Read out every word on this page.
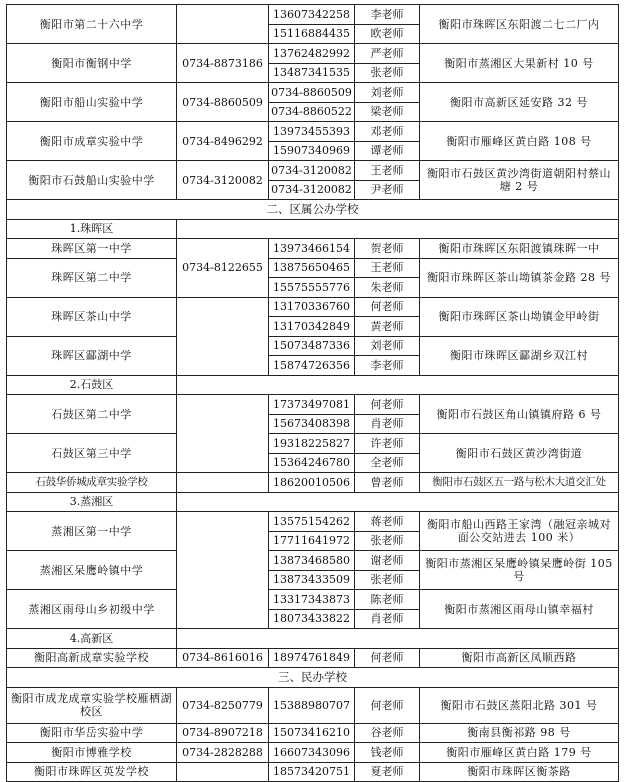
衡阳市第二十六中学		13607342258	李老师	衡阳市珠晖区东阳渡二七二厂内
		15116884435	欧老师	
衡阳市衡钢中学	0734-8873186	13762482992	严老师	衡阳市蒸湘区大果新村 10 号
		13487341535	张老师	
衡阳市船山实验中学	0734-8860509	0734-8860509	刘老师	衡阳市高新区延安路 32 号
		0734-8860522	梁老师	
衡阳市成章实验中学	0734-8496292	13973455393	邓老师	衡阳市雁峰区黄白路 108 号
		15907340969	谭老师	
衡阳市石鼓船山实验中学	0734-3120082	0734-3120082	王老师	衡阳市石鼓区黄沙湾街道朝阳村蔡山塘 2 号
		0734-3120082	尹老师	
二、区属公办学校				
1.珠晖区				
珠晖区第一中学	0734-8122655	13973466154	贺老师	衡阳市珠晖区东阳渡镇珠晖一中
珠晖区第二中学		13875650465	王老师	衡阳市珠晖区茶山坳镇茶金路 28 号
		15575555776	朱老师	
珠晖区茶山中学		13170336760	何老师	衡阳市珠晖区茶山坳镇金甲岭街
		13170342849	黄老师	
珠晖区酃湖中学		15073487336	刘老师	衡阳市珠晖区酃湖乡双江村
		15874726356	李老师	
2.石鼓区				
石鼓区第二中学		17373497081	何老师	衡阳市石鼓区角山镇镇府路 6 号
		15673408398	肖老师	
石鼓区第三中学		19318225827	许老师	衡阳市石鼓区黄沙湾街道
		15364246780	全老师	
石鼓华侨城成章实验学校		18620010506	曾老师	衡阳市石鼓区五一路与松木大道交汇处
3.蒸湘区				
蒸湘区第一中学		13575154262	蒋老师	衡阳市船山西路王家湾（融冠亲城对面公交站进去 100 米）
		17711641972	张老师	
蒸湘区呆鹰岭镇中学		13873468580	谢老师	衡阳市蒸湘区呆鹰岭镇呆鹰岭街 105 号
		13873433509	张老师	
蒸湘区雨母山乡初级中学		13317343873	陈老师	衡阳市蒸湘区雨母山镇幸福村
		18073433822	肖老师	
4.高新区				
衡阳高新成章实验学校	0734-8616016	18974761849	何老师	衡阳市高新区凤顺西路
三、民办学校				
衡阳市成龙成章实验学校雁栖湖校区	0734-8250779	15388980707	何老师	衡阳市石鼓区蒸阳北路 301 号
衡阳市华岳实验中学	0734-8907218	15073416210	谷老师	衡南县衡祁路 98 号
衡阳市博雅学校	0734-2828288	16607343096	钱老师	衡阳市雁峰区黄白路 179 号
衡阳市珠晖区英发学校		18573420751	夏老师	衡阳市珠晖区衡茶路
